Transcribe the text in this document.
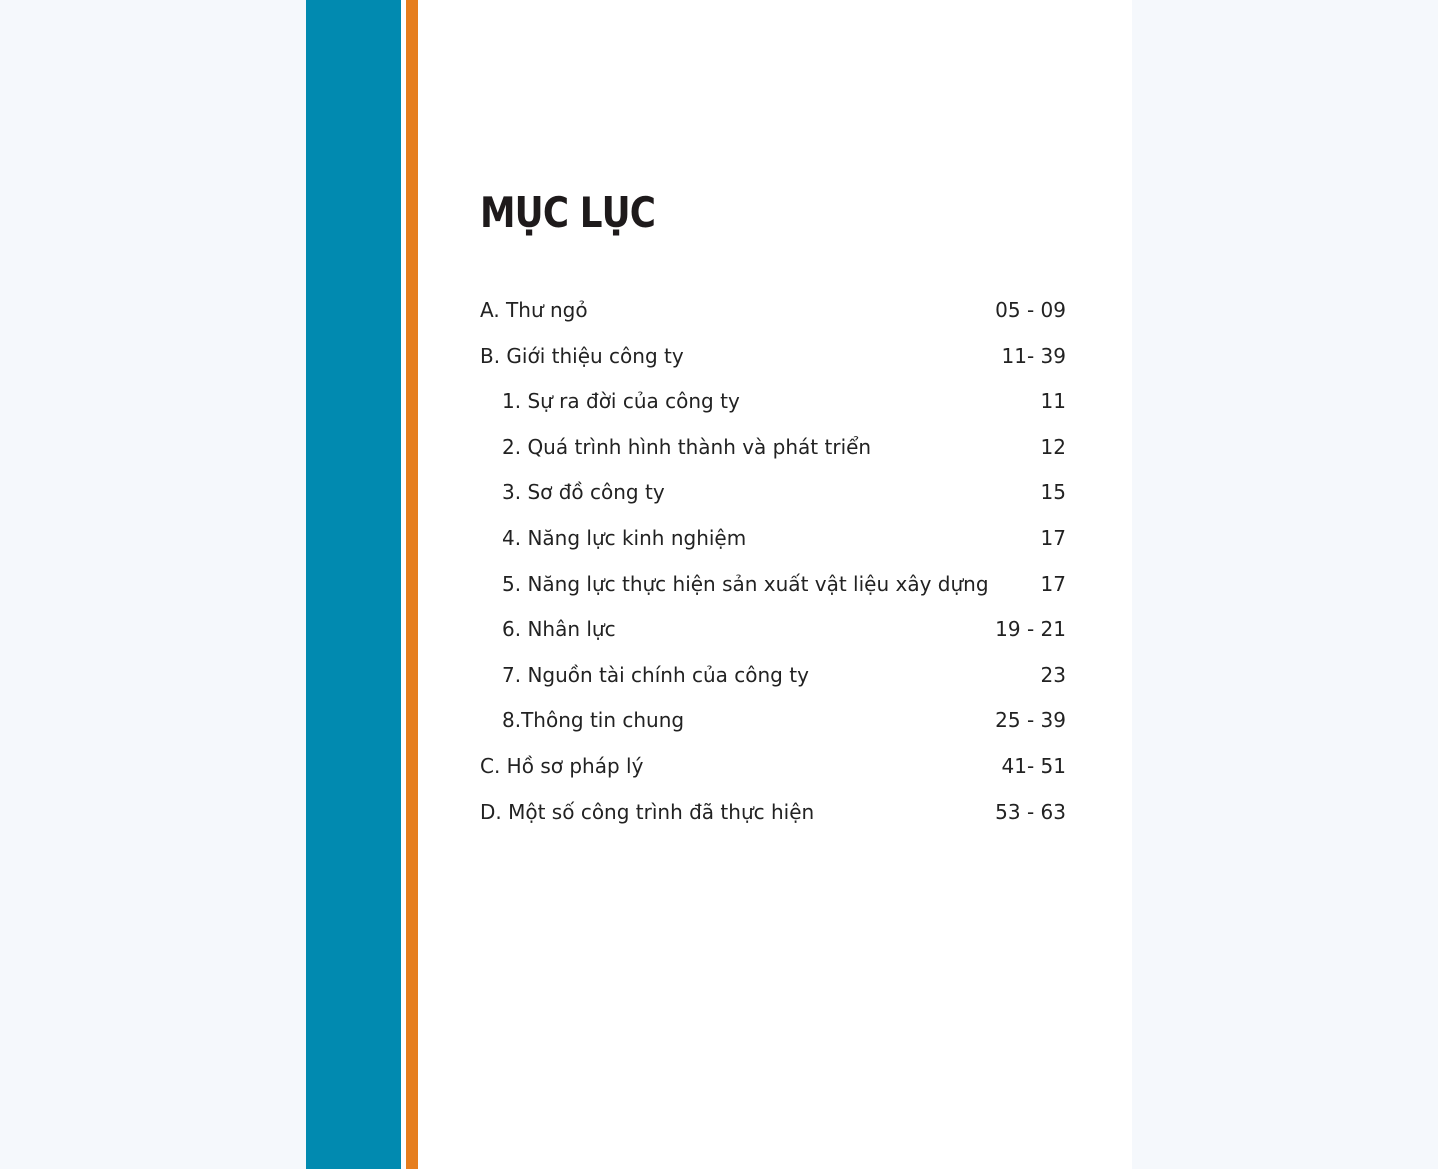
MỤC LỤC
A. Thư ngỏ	05 - 09
B. Giới thiệu công ty	11- 39
1. Sự ra đời của công ty	11
2. Quá trình hình thành và phát triển	12
3. Sơ đồ công ty	15
4. Năng lực kinh nghiệm	17
5. Năng lực thực hiện sản xuất vật liệu xây dựng	17
6. Nhân lực	19 - 21
7. Nguồn tài chính của công ty	23
8.Thông tin chung	25 - 39
C. Hồ sơ pháp lý	41- 51
D. Một số công trình đã thực hiện	53 - 63
